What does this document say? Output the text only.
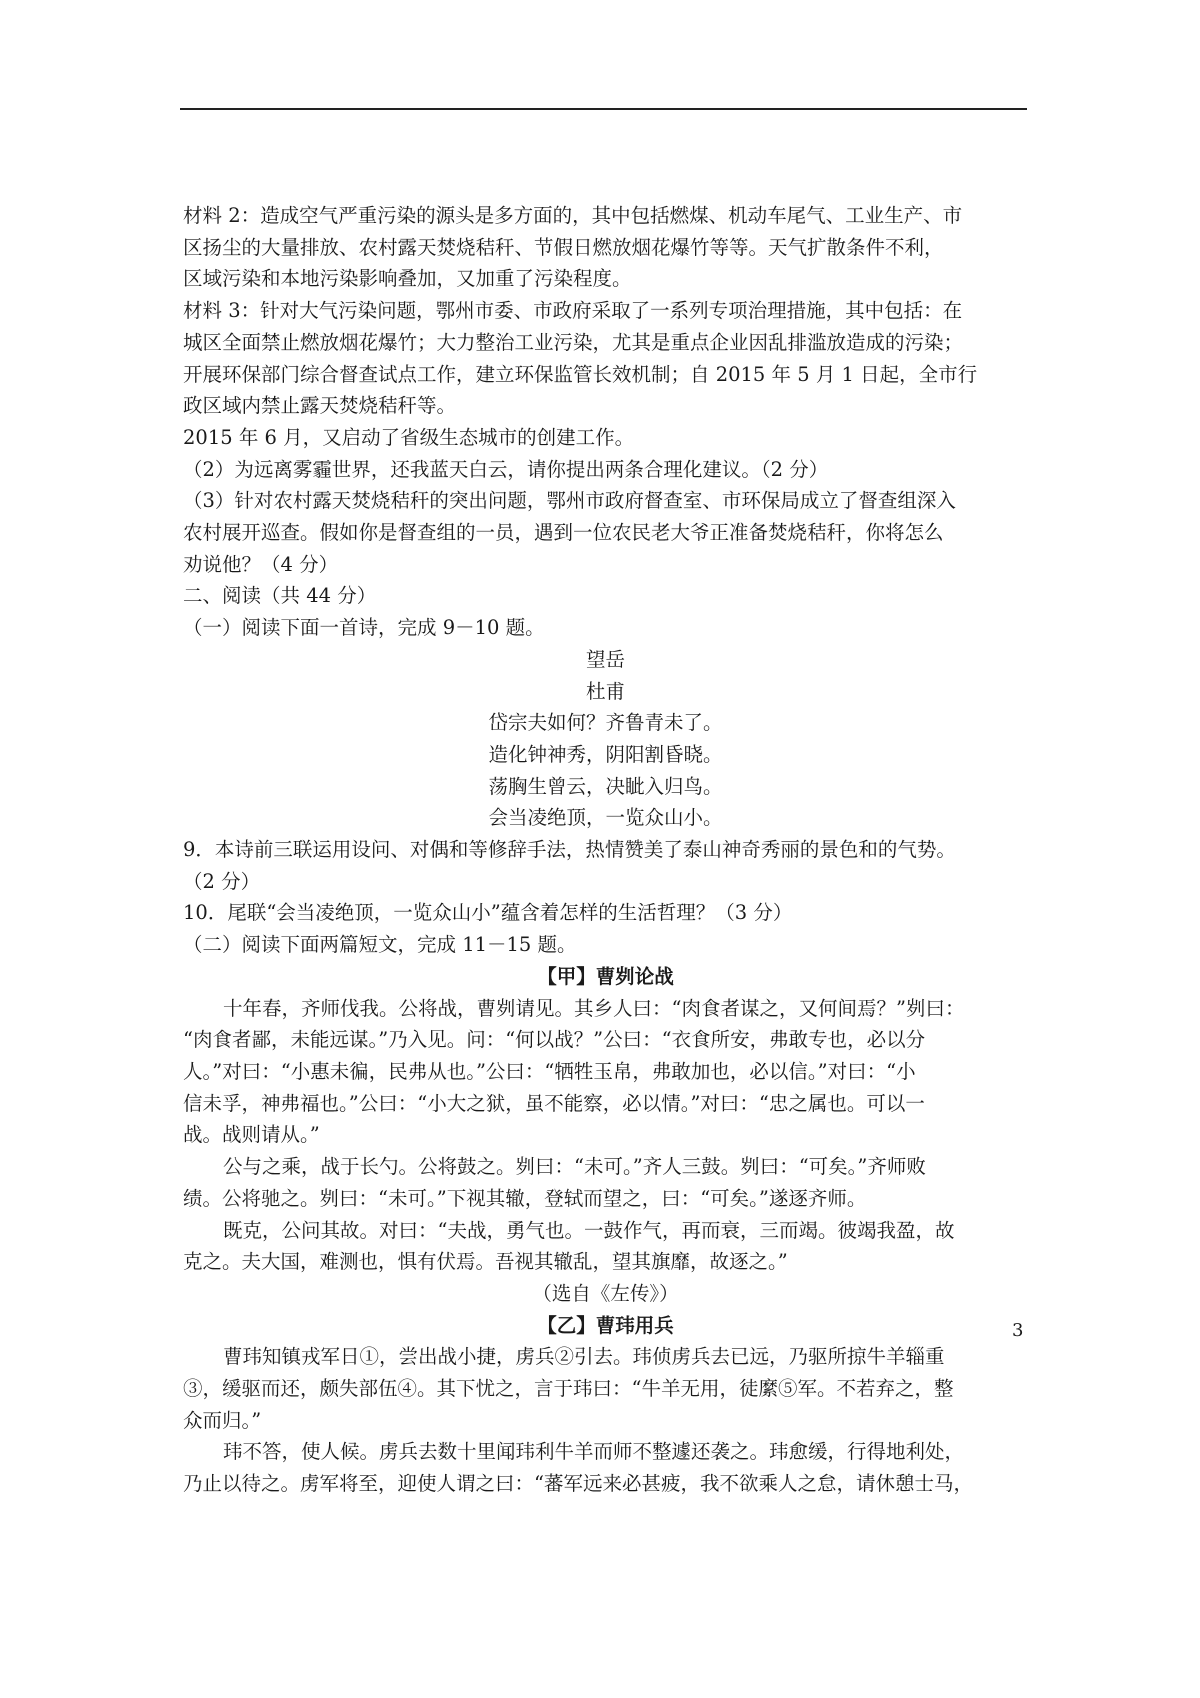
材料 2：造成空气严重污染的源头是多方面的，其中包括燃煤、机动车尾气、工业生产、市

区扬尘的大量排放、农村露天焚烧秸秆、节假日燃放烟花爆竹等等。天气扩散条件不利，

区域污染和本地污染影响叠加，又加重了污染程度。

材料 3：针对大气污染问题，鄂州市委、市政府采取了一系列专项治理措施，其中包括：在

城区全面禁止燃放烟花爆竹；大力整治工业污染，尤其是重点企业因乱排滥放造成的污染；

开展环保部门综合督查试点工作，建立环保监管长效机制；自 2015 年 5 月 1 日起，全市行

政区域内禁止露天焚烧秸秆等。

2015 年 6 月，又启动了省级生态城市的创建工作。

（2）为远离雾霾世界，还我蓝天白云，请你提出两条合理化建议。（2 分）

（3）针对农村露天焚烧秸秆的突出问题，鄂州市政府督查室、市环保局成立了督查组深入

农村展开巡查。假如你是督查组的一员，遇到一位农民老大爷正准备焚烧秸秆，你将怎么

劝说他？（4 分）

二、阅读（共 44 分）

（一）阅读下面一首诗，完成 9－10 题。

望岳

杜甫

岱宗夫如何？齐鲁青未了。

造化钟神秀，阴阳割昏晓。

荡胸生曾云，决眦入归鸟。

会当凌绝顶，一览众山小。

9．本诗前三联运用设问、对偶和等修辞手法，热情赞美了泰山神奇秀丽的景色和的气势。

（2 分）

10．尾联“会当凌绝顶，一览众山小”蕴含着怎样的生活哲理？（3 分）

（二）阅读下面两篇短文，完成 11－15 题。

【甲】曹刿论战

十年春，齐师伐我。公将战，曹刿请见。其乡人曰：“肉食者谋之，又何间焉？”刿曰：

“肉食者鄙，未能远谋。”乃入见。问：“何以战？”公曰：“衣食所安，弗敢专也，必以分

人。”对曰：“小惠未徧，民弗从也。”公曰：“牺牲玉帛，弗敢加也，必以信。”对曰：“小

信未孚，神弗福也。”公曰：“小大之狱，虽不能察，必以情。”对曰：“忠之属也。可以一

战。战则请从。”

公与之乘，战于长勺。公将鼓之。刿曰：“未可。”齐人三鼓。刿曰：“可矣。”齐师败

绩。公将驰之。刿曰：“未可。”下视其辙，登轼而望之，曰：“可矣。”遂逐齐师。

既克，公问其故。对曰：“夫战，勇气也。一鼓作气，再而衰，三而竭。彼竭我盈，故

克之。夫大国，难测也，惧有伏焉。吾视其辙乱，望其旗靡，故逐之。”

（选自《左传》）

【乙】曹玮用兵

曹玮知镇戎军日①，尝出战小捷，虏兵②引去。玮侦虏兵去已远，乃驱所掠牛羊辎重

③，缓驱而还，颇失部伍④。其下忧之，言于玮曰：“牛羊无用，徒縻⑤军。不若弃之，整

众而归。”

玮不答，使人候。虏兵去数十里闻玮利牛羊而师不整遽还袭之。玮愈缓，行得地利处，

乃止以待之。虏军将至，迎使人谓之曰：“蕃军远来必甚疲，我不欲乘人之怠，请休憩士马，

3
